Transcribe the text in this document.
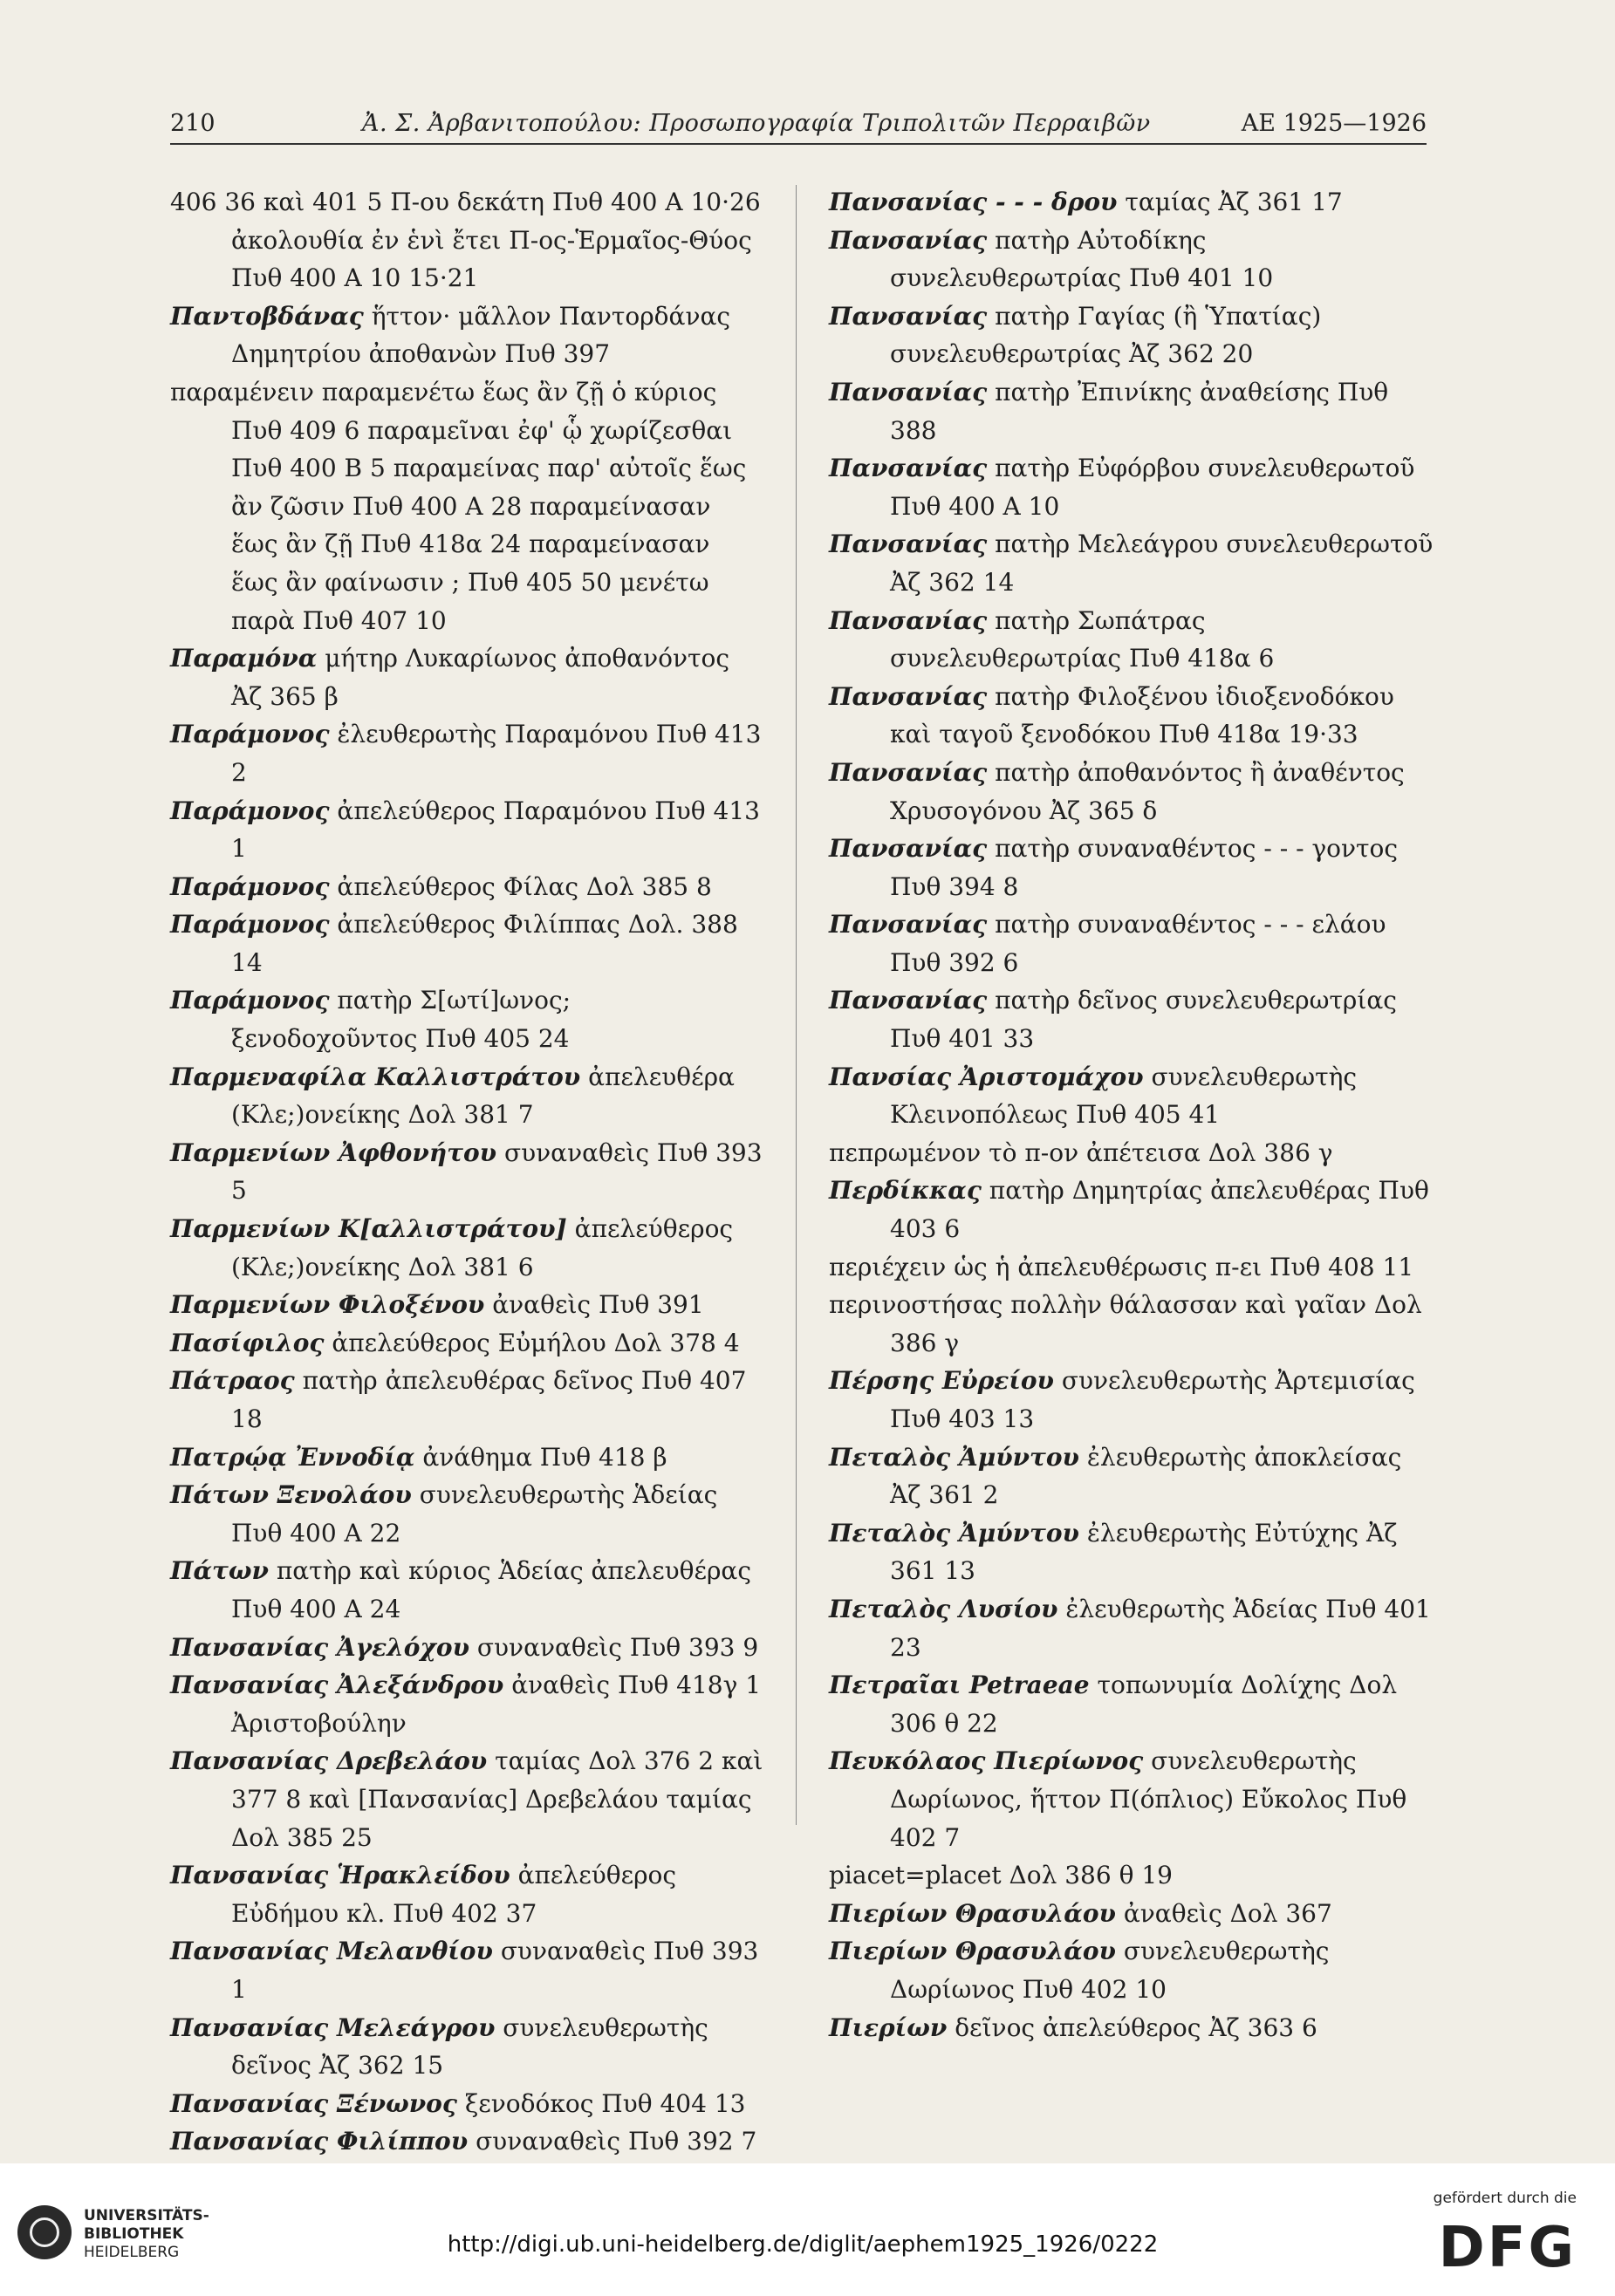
210	Ἀ. Σ. Ἀρβανιτοπούλου: Προσωπογραφία Τριπολιτῶν Περραιβῶν	ΑΕ 1925—1926

406 36 καὶ 401 5 Π-ου δεκάτη Πυθ 400 Α 10·26 ἀκολουθία ἐν ἑνὶ ἔτει Π-ος-Ἑρμαῖος-Θύος Πυθ 400 Α 10 15·21

Παντοβδάνας ἥττον· μᾶλλον Παντορδάνας Δημητρίου ἀποθανὼν Πυθ 397

παραμένειν παραμενέτω ἕως ἂν ζῇ ὁ κύριος Πυθ 409 6 παραμεῖναι ἐφ' ᾧ χωρίζεσθαι Πυθ 400 Β 5 παραμείνας παρ' αὐτοῖς ἕως ἂν ζῶσιν Πυθ 400 Α 28 παραμείνασαν ἕως ἂν ζῇ Πυθ 418α 24 παραμείνασαν ἕως ἂν φαίνωσιν ; Πυθ 405 50 μενέτω παρὰ Πυθ 407 10

Παραμόνα μήτηρ Λυκαρίωνος ἀποθανόντος Ἀζ 365 β

Παράμονος ἐλευθερωτὴς Παραμόνου Πυθ 413 2

Παράμονος ἀπελεύθερος Παραμόνου Πυθ 413 1

Παράμονος ἀπελεύθερος Φίλας Δολ 385 8

Παράμονος ἀπελεύθερος Φιλίππας Δολ. 388 14

Παράμονος πατὴρ Σ[ωτί]ωνος; ξενοδοχοῦντος Πυθ 405 24

Παρμεναφίλα Καλλιστράτου ἀπελευθέρα (Κλε;)ονείκης Δολ 381 7

Παρμενίων Ἀφθονήτου συναναθεὶς Πυθ 393 5

Παρμενίων Κ[αλλιστράτου] ἀπελεύθερος (Κλε;)ονείκης Δολ 381 6

Παρμενίων Φιλοξένου ἀναθεὶς Πυθ 391

Πασίφιλος ἀπελεύθερος Εὐμήλου Δολ 378 4

Πάτραος πατὴρ ἀπελευθέρας δεῖνος Πυθ 407 18

Πατρῴᾳ Ἐννοδίᾳ ἀνάθημα Πυθ 418 β

Πάτων Ξενολάου συνελευθερωτὴς Ἁδείας Πυθ 400 Α 22

Πάτων πατὴρ καὶ κύριος Ἁδείας ἀπελευθέρας Πυθ 400 Α 24

Πανσανίας Ἀγελόχου συναναθεὶς Πυθ 393 9

Πανσανίας Ἀλεξάνδρου ἀναθεὶς Πυθ 418γ 1 Ἀριστοβούλην

Πανσανίας Δρεβελάου ταμίας Δολ 376 2 καὶ 377 8 καὶ [Πανσανίας] Δρεβελάου ταμίας Δολ 385 25

Πανσανίας Ἡρακλείδου ἀπελεύθερος Εὐδήμου κλ. Πυθ 402 37

Πανσανίας Μελανθίου συναναθεὶς Πυθ 393 1

Πανσανίας Μελεάγρου συνελευθερωτὴς δεῖνος Ἀζ 362 15

Πανσανίας Ξένωνος ξενοδόκος Πυθ 404 13

Πανσανίας Φιλίππου συναναθεὶς Πυθ 392 7

Πανσανίας - - - δρου ταμίας Ἀζ 361 17

Πανσανίας πατὴρ Αὐτοδίκης συνελευθερωτρίας Πυθ 401 10

Πανσανίας πατὴρ Γαγίας (ἢ Ὑπατίας) συνελευθερωτρίας Ἀζ 362 20

Πανσανίας πατὴρ Ἐπινίκης ἀναθείσης Πυθ 388

Πανσανίας πατὴρ Εὐφόρβου συνελευθερωτοῦ Πυθ 400 Α 10

Πανσανίας πατὴρ Μελεάγρου συνελευθερωτοῦ Ἀζ 362 14

Πανσανίας πατὴρ Σωπάτρας συνελευθερωτρίας Πυθ 418α 6

Πανσανίας πατὴρ Φιλοξένου ἰδιοξενοδόκου καὶ ταγοῦ ξενοδόκου Πυθ 418α 19·33

Πανσανίας πατὴρ ἀποθανόντος ἢ ἀναθέντος Χρυσογόνου Ἀζ 365 δ

Πανσανίας πατὴρ συναναθέντος - - - γοντος Πυθ 394 8

Πανσανίας πατὴρ συναναθέντος - - - ελάου Πυθ 392 6

Πανσανίας πατὴρ δεῖνος συνελευθερωτρίας Πυθ 401 33

Πανσίας Ἀριστομάχου συνελευθερωτὴς Κλεινοπόλεως Πυθ 405 41

πεπρωμένον τὸ π-ον ἀπέτεισα Δολ 386 γ

Περδίκκας πατὴρ Δημητρίας ἀπελευθέρας Πυθ 403 6

περιέχειν ὡς ἡ ἀπελευθέρωσις π-ει Πυθ 408 11

περινοστήσας πολλὴν θάλασσαν καὶ γαῖαν Δολ 386 γ

Πέρσης Εὐρείου συνελευθερωτὴς Ἀρτεμισίας Πυθ 403 13

Πεταλὸς Ἀμύντου ἐλευθερωτὴς ἀποκλείσας Ἀζ 361 2

Πεταλὸς Ἀμύντου ἐλευθερωτὴς Εὐτύχης Ἀζ 361 13

Πεταλὸς Λυσίου ἐλευθερωτὴς Ἁδείας Πυθ 401 23

Πετραῖαι Petraeae τοπωνυμία Δολίχης Δολ 306 θ 22

Πευκόλαος Πιερίωνος συνελευθερωτὴς Δωρίωνος, ἥττον Π(όπλιος) Εὔκολος Πυθ 402 7

piacet=placet Δολ 386 θ 19

Πιερίων Θρασυλάου ἀναθεὶς Δολ 367

Πιερίων Θρασυλάου συνελευθερωτὴς Δωρίωνος Πυθ 402 10

Πιερίων δεῖνος ἀπελεύθερος Ἀζ 363 6

UNIVERSITÄTS-
BIBLIOTHEK
HEIDELBERG	http://digi.ub.uni-heidelberg.de/diglit/aephem1925_1926/0222
gefördert durch die
DFG
